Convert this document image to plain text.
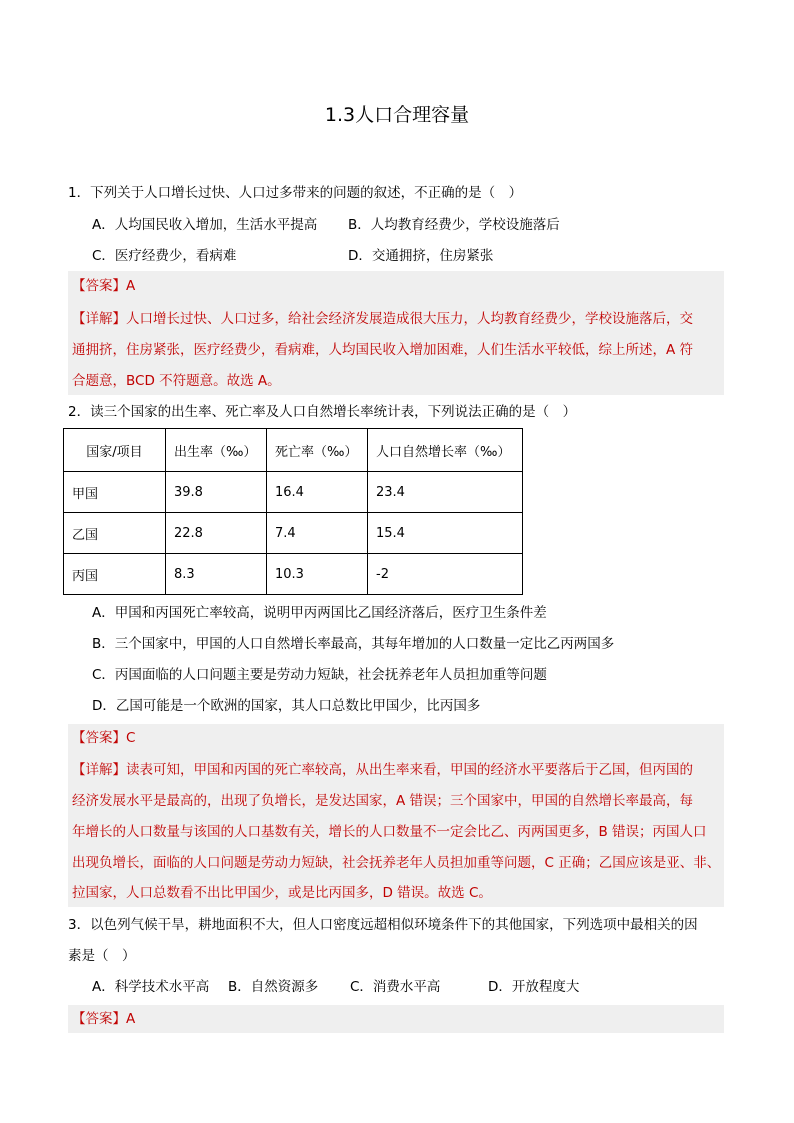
1.3人口合理容量
1．下列关于人口增长过快、人口过多带来的问题的叙述，不正确的是（　）
A．人均国民收入增加，生活水平提高 B．人均教育经费少，学校设施落后
C．医疗经费少，看病难	D．交通拥挤，住房紧张
【答案】A
【详解】人口增长过快、人口过多，给社会经济发展造成很大压力，人均教育经费少，学校设施落后，交
通拥挤，住房紧张，医疗经费少，看病难，人均国民收入增加困难，人们生活水平较低，综上所述，A 符
合题意，BCD 不符题意。故选 A。
2．读三个国家的出生率、死亡率及人口自然增长率统计表，下列说法正确的是（　）
国家/项目	出生率（‰）	死亡率（‰）	人口自然增长率（‰）
甲国	39.8	16.4	23.4
乙国	22.8	7.4	15.4
丙国	8.3	10.3	-2
A．甲国和丙国死亡率较高，说明甲丙两国比乙国经济落后，医疗卫生条件差
B．三个国家中，甲国的人口自然增长率最高，其每年增加的人口数量一定比乙丙两国多
C．丙国面临的人口问题主要是劳动力短缺，社会抚养老年人员担加重等问题
D．乙国可能是一个欧洲的国家，其人口总数比甲国少，比丙国多
【答案】C
【详解】读表可知，甲国和丙国的死亡率较高，从出生率来看，甲国的经济水平要落后于乙国，但丙国的
经济发展水平是最高的，出现了负增长，是发达国家，A 错误；三个国家中，甲国的自然增长率最高，每
年增长的人口数量与该国的人口基数有关，增长的人口数量不一定会比乙、丙两国更多，B 错误；丙国人口
出现负增长，面临的人口问题是劳动力短缺，社会抚养老年人员担加重等问题，C 正确；乙国应该是亚、非、
拉国家，人口总数看不出比甲国少，或是比丙国多，D 错误。故选 C。
3．以色列气候干旱，耕地面积不大，但人口密度远超相似环境条件下的其他国家，下列选项中最相关的因
素是（　）
A．科学技术水平高 B．自然资源多 C．消费水平高	D．开放程度大
【答案】A
